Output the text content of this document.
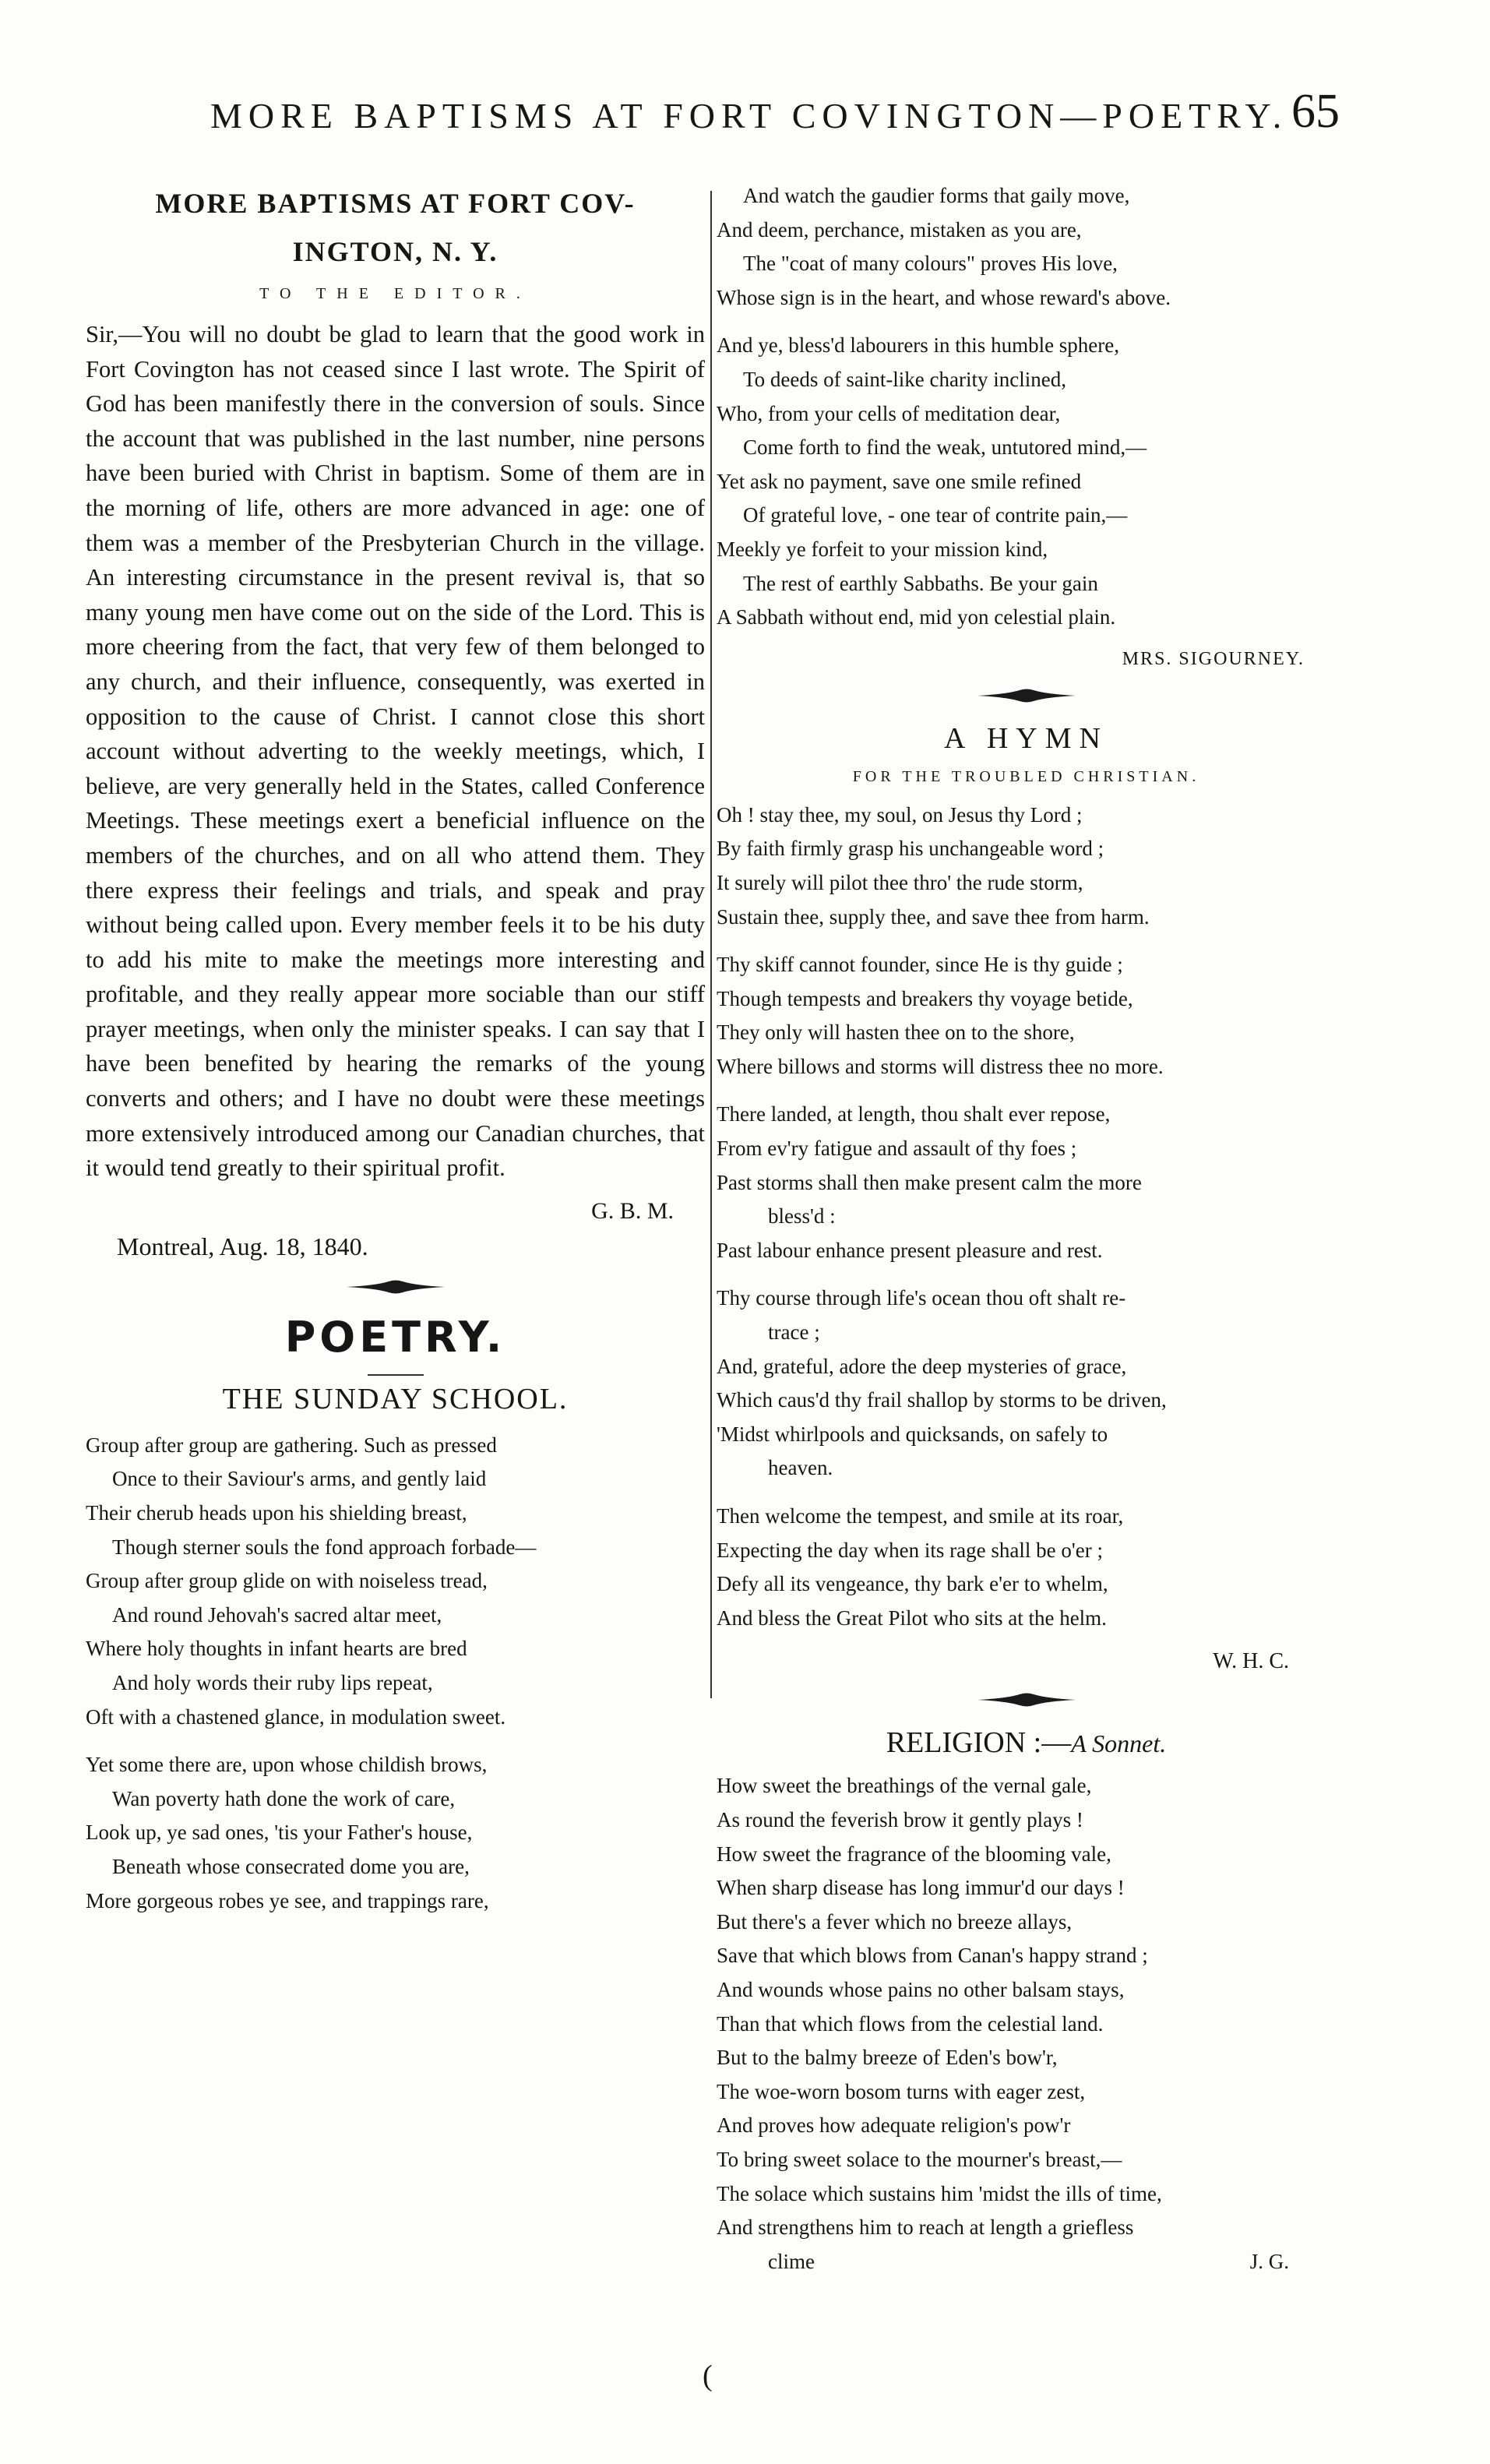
MORE BAPTISMS AT FORT COVINGTON—POETRY. 65
MORE BAPTISMS AT FORT COV-
INGTON, N. Y.
TO THE EDITOR.

Sir,—You will no doubt be glad to learn that the good work in Fort Covington has not ceased since I last wrote. The Spirit of God has been manifestly there in the conversion of souls. Since the account that was published in the last number, nine persons have been buried with Christ in baptism. Some of them are in the morning of life, others are more advanced in age: one of them was a member of the Presbyterian Church in the village. An interesting circumstance in the present revival is, that so many young men have come out on the side of the Lord. This is more cheering from the fact, that very few of them belonged to any church, and their influence, consequently, was exerted in opposition to the cause of Christ. I cannot close this short account without adverting to the weekly meetings, which, I believe, are very generally held in the States, called Conference Meetings. These meetings exert a beneficial influence on the members of the churches, and on all who attend them. They there express their feelings and trials, and speak and pray without being called upon. Every member feels it to be his duty to add his mite to make the meetings more interesting and profitable, and they really appear more sociable than our stiff prayer meetings, when only the minister speaks. I can say that I have been benefited by hearing the remarks of the young converts and others; and I have no doubt were these meetings more extensively introduced among our Canadian churches, that it would tend greatly to their spiritual profit.

G. B. M.
Montreal, Aug. 18, 1840.
POETRY.
THE SUNDAY SCHOOL.
Group after group are gathering. Such as pressed
Once to their Saviour's arms, and gently laid
Their cherub heads upon his shielding breast,
Though sterner souls the fond approach forbade—
Group after group glide on with noiseless tread,
And round Jehovah's sacred altar meet,
Where holy thoughts in infant hearts are bred
And holy words their ruby lips repeat,
Oft with a chastened glance, in modulation sweet.
Yet some there are, upon whose childish brows,
Wan poverty hath done the work of care,
Look up, ye sad ones, 'tis your Father's house,
Beneath whose consecrated dome you are,
More gorgeous robes ye see, and trappings rare,
And watch the gaudier forms that gaily move,
And deem, perchance, mistaken as you are,
The "coat of many colours" proves His love,
Whose sign is in the heart, and whose reward's above.
And ye, bless'd labourers in this humble sphere,
To deeds of saint-like charity inclined,
Who, from your cells of meditation dear,
Come forth to find the weak, untutored mind,—
Yet ask no payment, save one smile refined
Of grateful love, - one tear of contrite pain,—
Meekly ye forfeit to your mission kind,
The rest of earthly Sabbaths. Be your gain
A Sabbath without end, mid yon celestial plain.
MRS. SIGOURNEY.
A HYMN
FOR THE TROUBLED CHRISTIAN.
Oh ! stay thee, my soul, on Jesus thy Lord ;
By faith firmly grasp his unchangeable word ;
It surely will pilot thee thro' the rude storm,
Sustain thee, supply thee, and save thee from harm.
Thy skiff cannot founder, since He is thy guide ;
Though tempests and breakers thy voyage betide,
They only will hasten thee on to the shore,
Where billows and storms will distress thee no more.
There landed, at length, thou shalt ever repose,
From ev'ry fatigue and assault of thy foes ;
Past storms shall then make present calm the more
bless'd :
Past labour enhance present pleasure and rest.
Thy course through life's ocean thou oft shalt re-
trace ;
And, grateful, adore the deep mysteries of grace,
Which caus'd thy frail shallop by storms to be driven,
'Midst whirlpools and quicksands, on safely to
heaven.
Then welcome the tempest, and smile at its roar,
Expecting the day when its rage shall be o'er ;
Defy all its vengeance, thy bark e'er to whelm,
And bless the Great Pilot who sits at the helm.
W. H. C.
RELIGION :—A Sonnet.
How sweet the breathings of the vernal gale,
As round the feverish brow it gently plays !
How sweet the fragrance of the blooming vale,
When sharp disease has long immur'd our days !
But there's a fever which no breeze allays,
Save that which blows from Canan's happy strand ;
And wounds whose pains no other balsam stays,
Than that which flows from the celestial land.
But to the balmy breeze of Eden's bow'r,
The woe-worn bosom turns with eager zest,
And proves how adequate religion's pow'r
To bring sweet solace to the mourner's breast,—
The solace which sustains him 'midst the ills of time,
And strengthens him to reach at length a griefless
clime	J. G.
(
